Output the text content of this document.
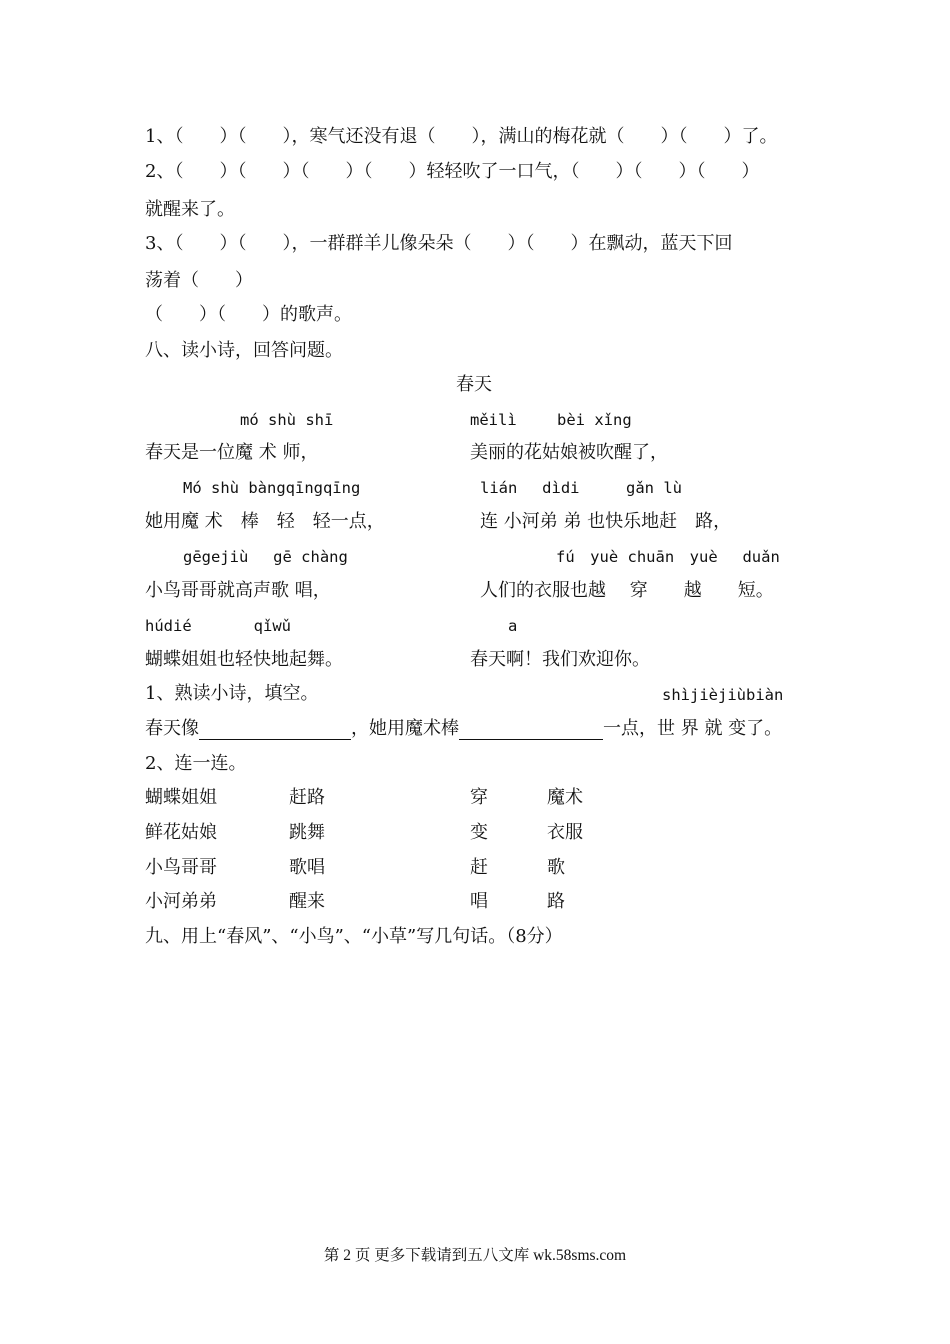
1、（　　）（　　），寒气还没有退（　　），满山的梅花就（　　）（　　）了。
2、（　　）（　　）（　　）（　　）轻轻吹了一口气，（　　）（　　）（　　）
就醒来了。
3、（　　）（　　），一群群羊儿像朵朵（　　）（　　）在飘动，蓝天下回
荡着（　　）
（　　）（　　）的歌声。
八、读小诗，回答问题。
春天
mó shù shī	měilì　　 bèi xǐng
春天是一位魔 术 师，	美丽的花姑娘被吹醒了，
Mó shù bàngqīngqīng	lián　 dìdi　　　gǎn lù
她用魔 术　棒　轻　轻一点，	连 小河弟 弟 也快乐地赶　路，
gēgejiù　 gē chàng	fú　yuè chuān　yuè　 duǎn
小鸟哥哥就高声歌 唱，	人们的衣服也越　 穿　　越　　短。
húdié　　　　qǐwǔ	a
蝴蝶姐姐也轻快地起舞。	春天啊！我们欢迎你。
1、熟读小诗，填空。	shìjièjiùbiàn
春天像	，她用魔术棒	一点，世 界 就 变了。
2、连一连。
蝴蝶姐姐	赶路	穿	魔术
鲜花姑娘	跳舞	变	衣服
小鸟哥哥	歌唱	赶	歌
小河弟弟	醒来	唱	路
九、用上“春风”、“小鸟”、“小草”写几句话。（8分）
第 2 页 更多下载请到五八文库 wk.58sms.com
